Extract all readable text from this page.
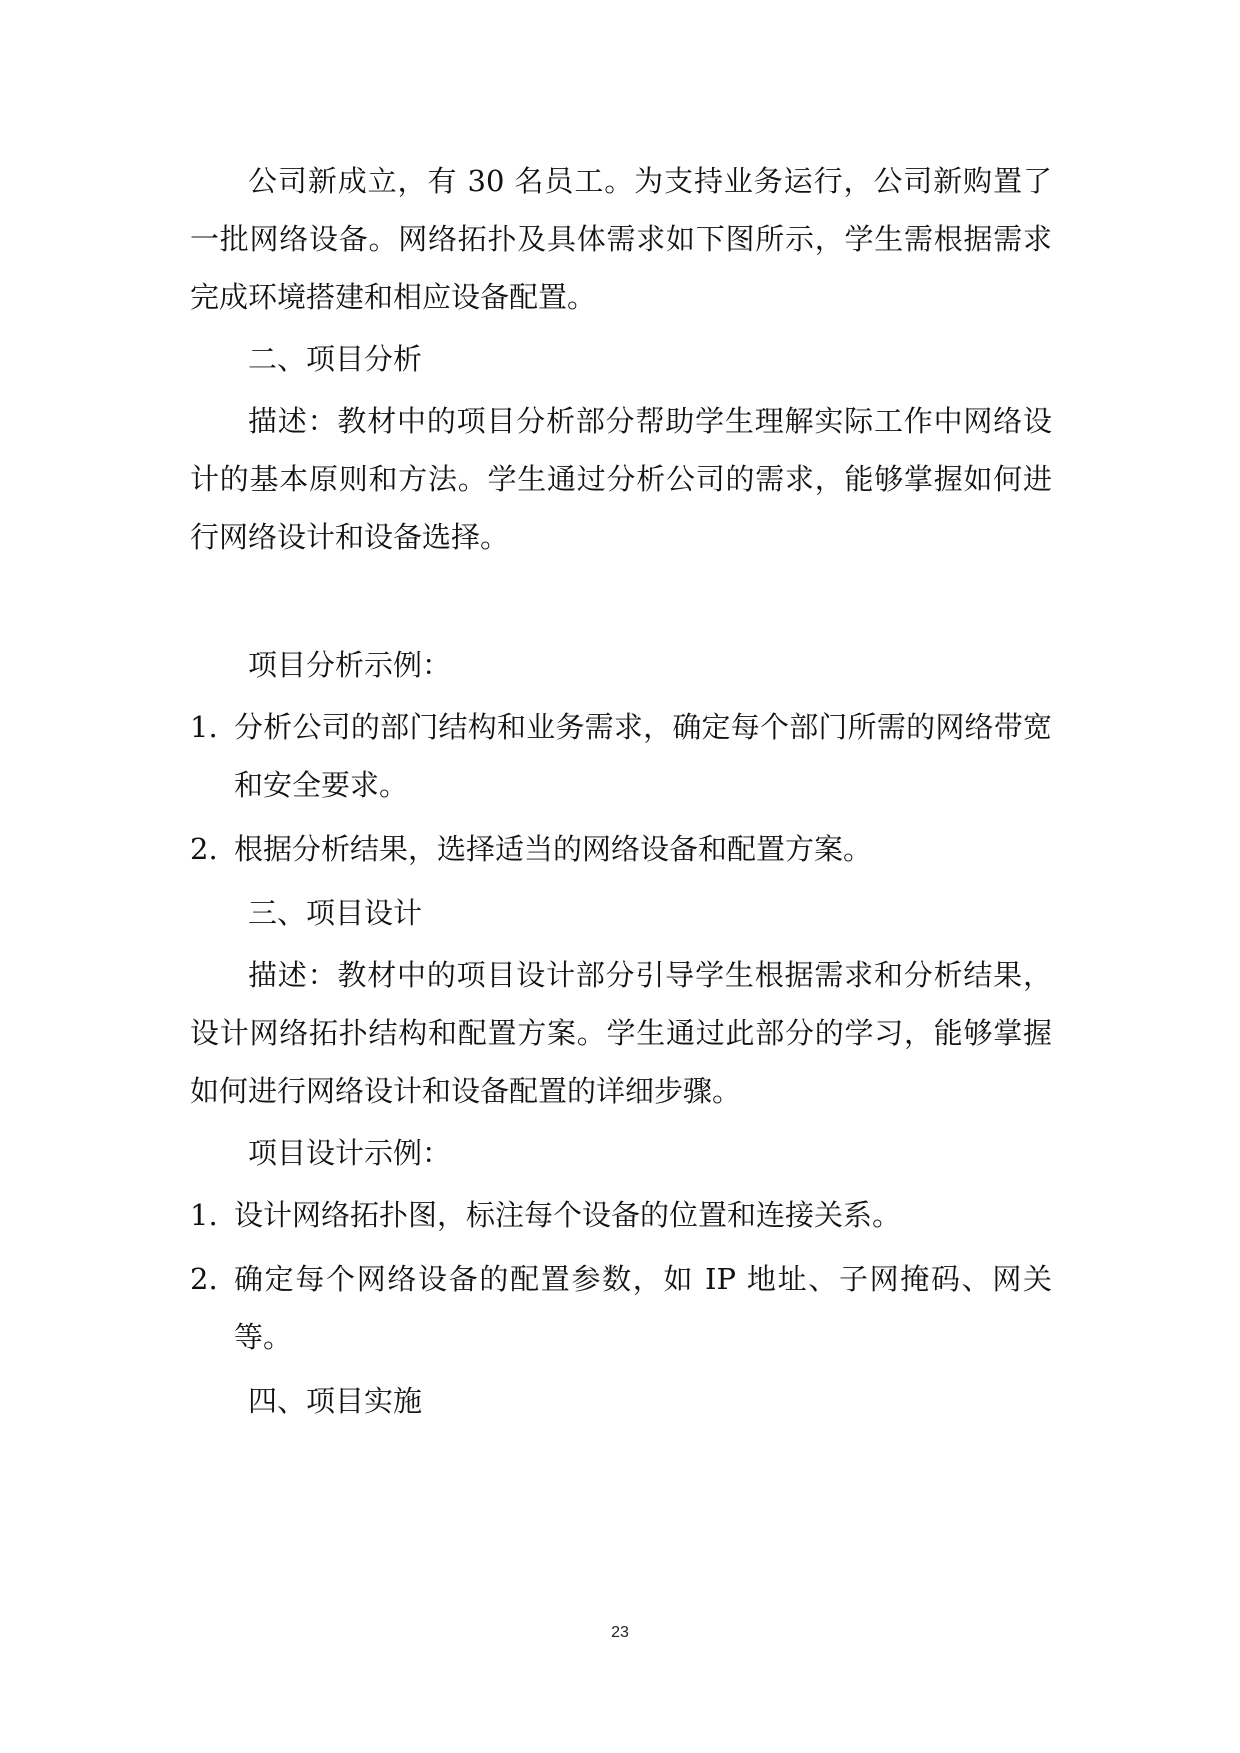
公司新成立，有 30 名员工。为支持业务运行，公司新购置了一批网络设备。网络拓扑及具体需求如下图所示，学生需根据需求完成环境搭建和相应设备配置。

二、项目分析

描述：教材中的项目分析部分帮助学生理解实际工作中网络设计的基本原则和方法。学生通过分析公司的需求，能够掌握如何进行网络设计和设备选择。

项目分析示例：

1. 分析公司的部门结构和业务需求，确定每个部门所需的网络带宽和安全要求。
2. 根据分析结果，选择适当的网络设备和配置方案。

三、项目设计

描述：教材中的项目设计部分引导学生根据需求和分析结果，设计网络拓扑结构和配置方案。学生通过此部分的学习，能够掌握如何进行网络设计和设备配置的详细步骤。

项目设计示例：

1. 设计网络拓扑图，标注每个设备的位置和连接关系。
2. 确定每个网络设备的配置参数，如 IP 地址、子网掩码、网关等。

四、项目实施

23
